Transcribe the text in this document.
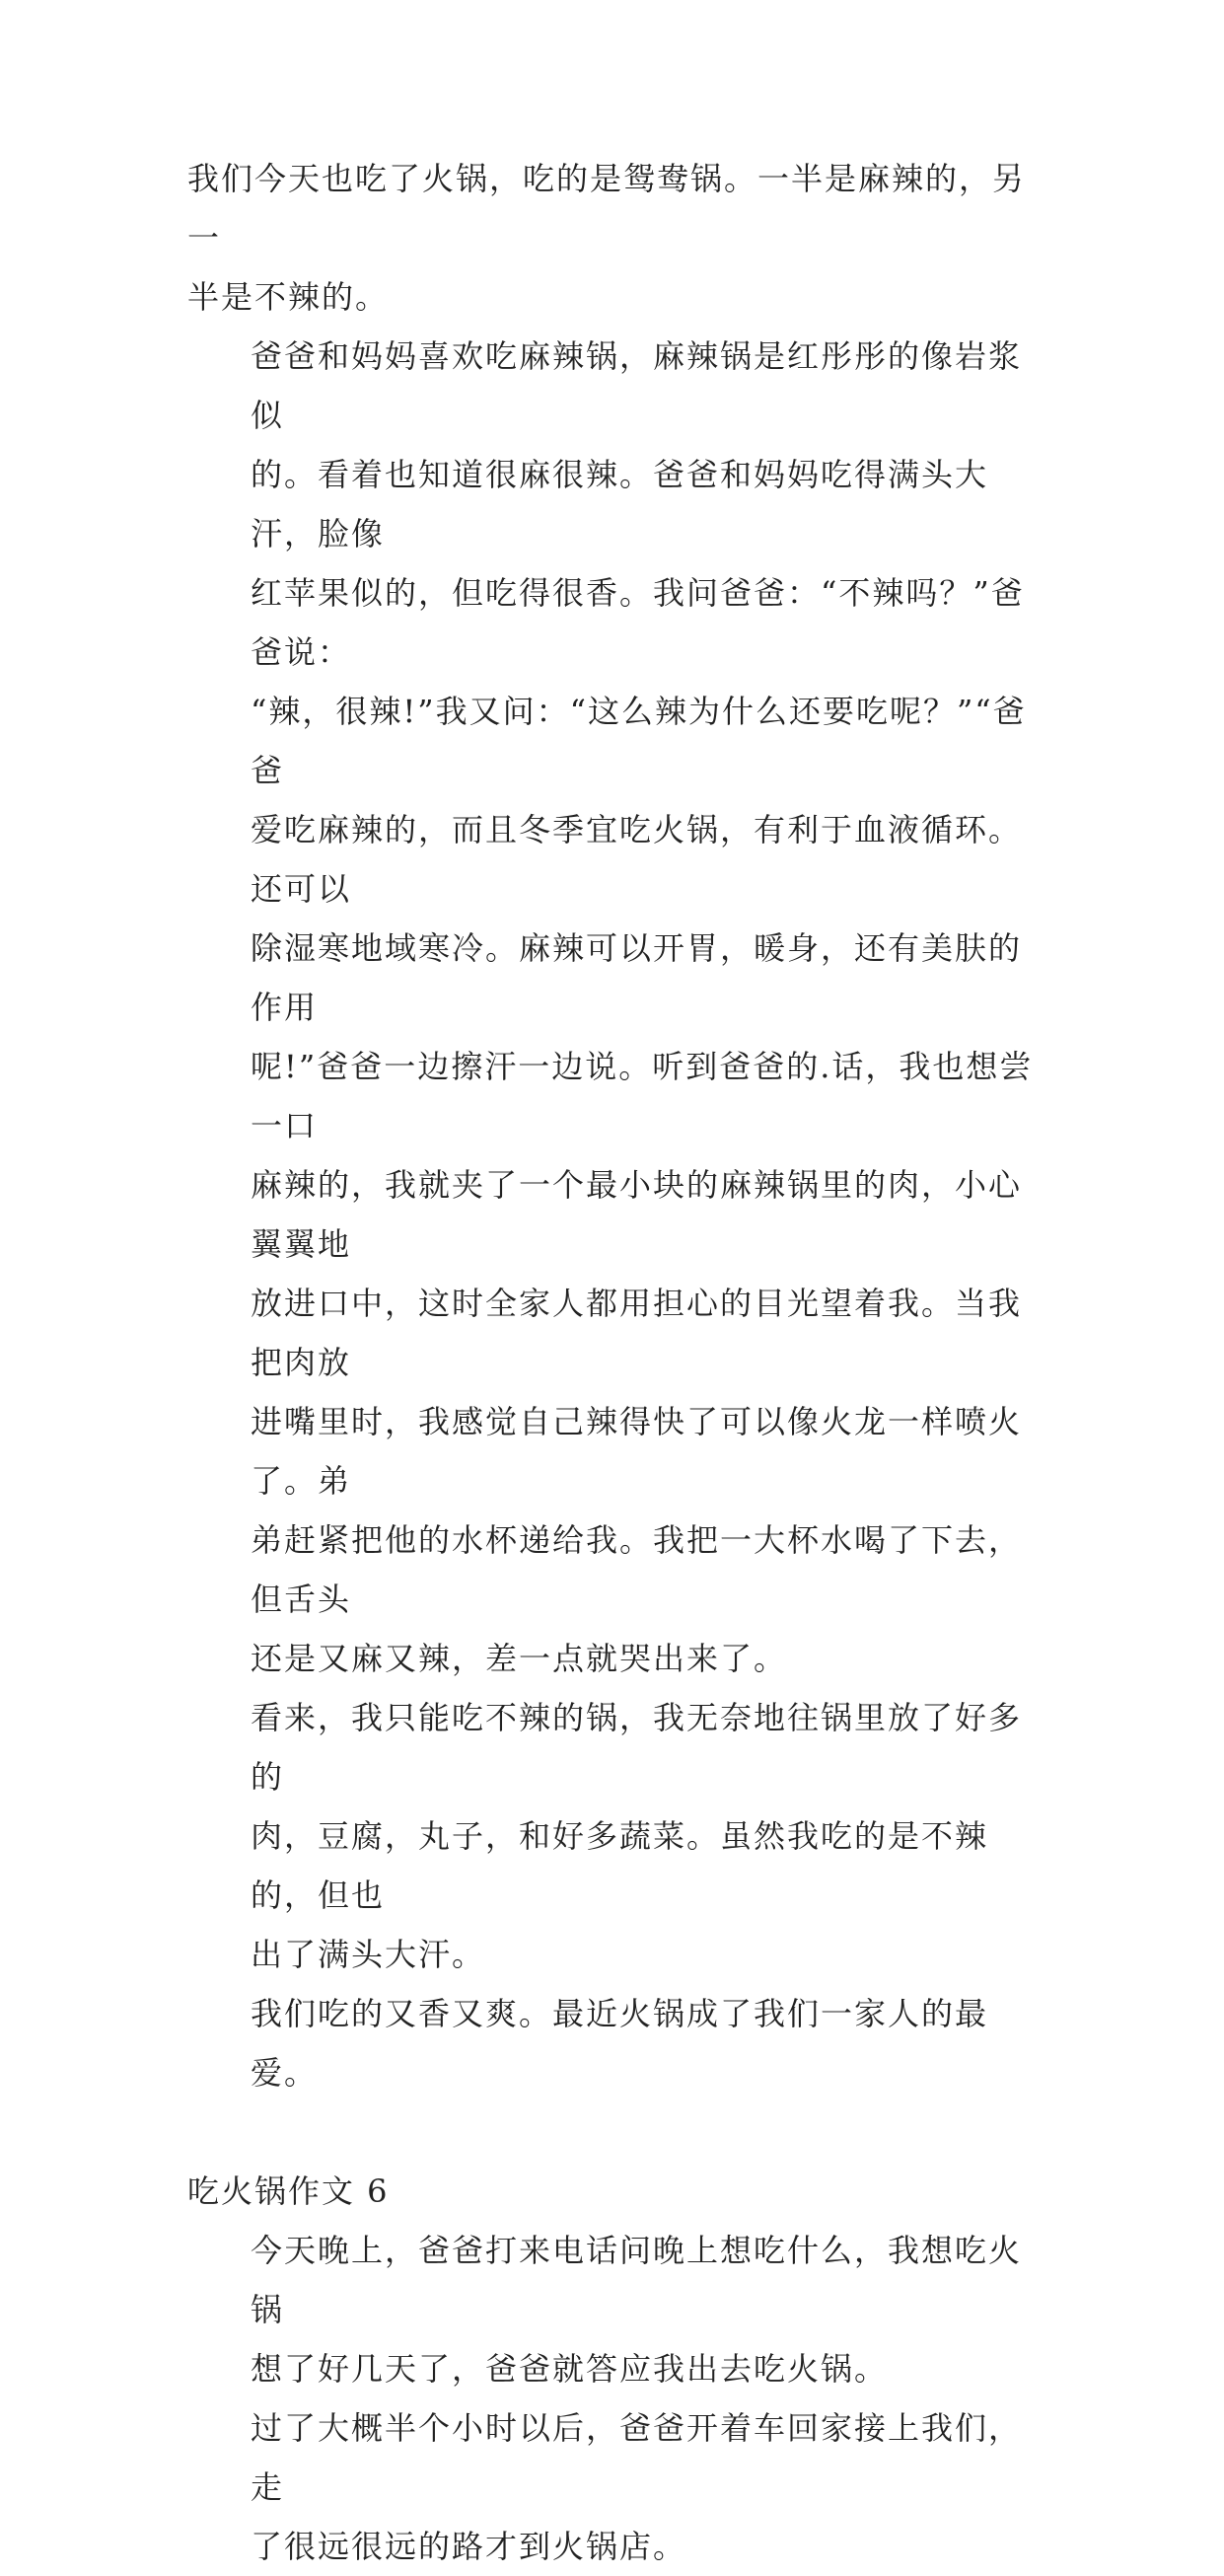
我们今天也吃了火锅，吃的是鸳鸯锅。一半是麻辣的，另一
半是不辣的。

爸爸和妈妈喜欢吃麻辣锅，麻辣锅是红彤彤的像岩浆似
的。看着也知道很麻很辣。爸爸和妈妈吃得满头大汗，脸像
红苹果似的，但吃得很香。我问爸爸：“不辣吗？”爸爸说：
“辣，很辣!”我又问：“这么辣为什么还要吃呢？”“爸爸
爱吃麻辣的，而且冬季宜吃火锅，有利于血液循环。还可以
除湿寒地域寒冷。麻辣可以开胃，暖身，还有美肤的作用
呢!”爸爸一边擦汗一边说。听到爸爸的.话，我也想尝一口
麻辣的，我就夹了一个最小块的麻辣锅里的肉，小心翼翼地
放进口中，这时全家人都用担心的目光望着我。当我把肉放
进嘴里时，我感觉自己辣得快了可以像火龙一样喷火了。弟
弟赶紧把他的水杯递给我。我把一大杯水喝了下去，但舌头
还是又麻又辣，差一点就哭出来了。

看来，我只能吃不辣的锅，我无奈地往锅里放了好多的
肉，豆腐，丸子，和好多蔬菜。虽然我吃的是不辣的，但也
出了满头大汗。

我们吃的又香又爽。最近火锅成了我们一家人的最爱。

吃火锅作文 6

今天晚上，爸爸打来电话问晚上想吃什么，我想吃火锅
想了好几天了，爸爸就答应我出去吃火锅。

过了大概半个小时以后，爸爸开着车回家接上我们，走
了很远很远的路才到火锅店。
